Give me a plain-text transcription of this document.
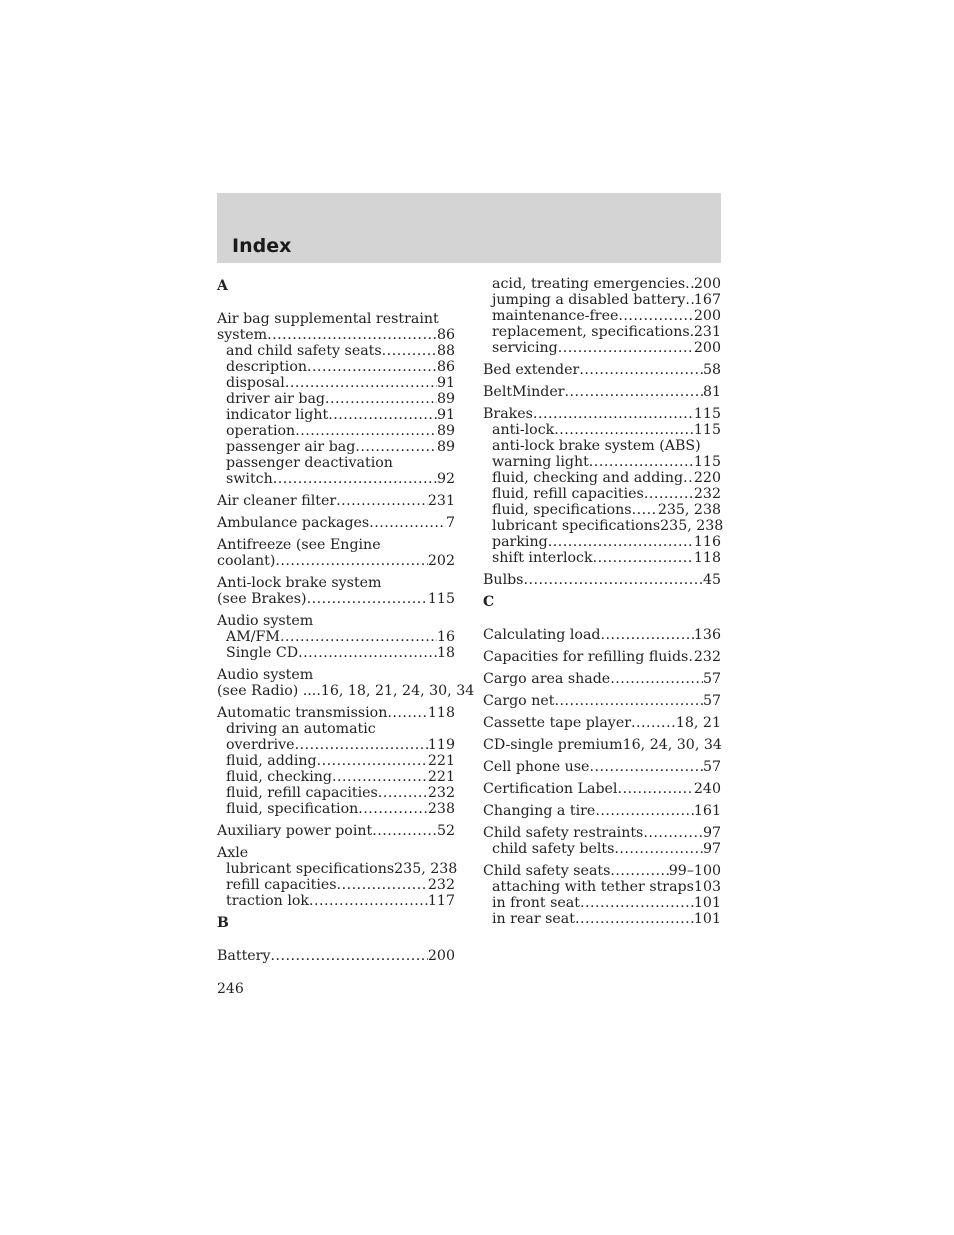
Index
A
Air bag supplemental restraint
system .....	86
and child safety seats .....	88
description .....	86
disposal .....	91
driver air bag .....	89
indicator light .....	91
operation .....	89
passenger air bag .....	89
passenger deactivation
switch .....	92
Air cleaner filter .....	231
Ambulance packages .....	7
Antifreeze (see Engine
coolant) .....	202
Anti-lock brake system
(see Brakes) .....	115
Audio system
AM/FM .....	16
Single CD .....	18
Audio system
(see Radio) ....16, 18, 21, 24, 30, 34
Automatic transmission .....	118
driving an automatic
overdrive .....	119
fluid, adding .....	221
fluid, checking .....	221
fluid, refill capacities .....	232
fluid, specification .....	238
Auxiliary power point .....	52
Axle
lubricant specifications 235, 238
refill capacities .....	232
traction lok .....	117
B
Battery .....	200
acid, treating emergencies ..... 200
jumping a disabled battery ..... 167
maintenance-free .....	200
replacement, specifications ..... 231
servicing .....	200
Bed extender .....	58
BeltMinder .....	81
Brakes .....	115
anti-lock .....	115
anti-lock brake system (ABS)
warning light .....	115
fluid, checking and adding ..... 220
fluid, refill capacities .....	232
fluid, specifications ..... 235, 238
lubricant specifications 235, 238
parking .....	116
shift interlock .....	118
Bulbs .....	45
C
Calculating load .....	136
Capacities for refilling fluids ..... 232
Cargo area shade .....	57
Cargo net .....	57
Cassette tape player .....	18, 21
CD-single premium 16, 24, 30, 34
Cell phone use .....	57
Certification Label .....	240
Changing a tire .....	161
Child safety restraints .....	97
child safety belts .....	97
Child safety seats .....	99–100
attaching with tether straps 103
in front seat .....	101
in rear seat .....	101

246
